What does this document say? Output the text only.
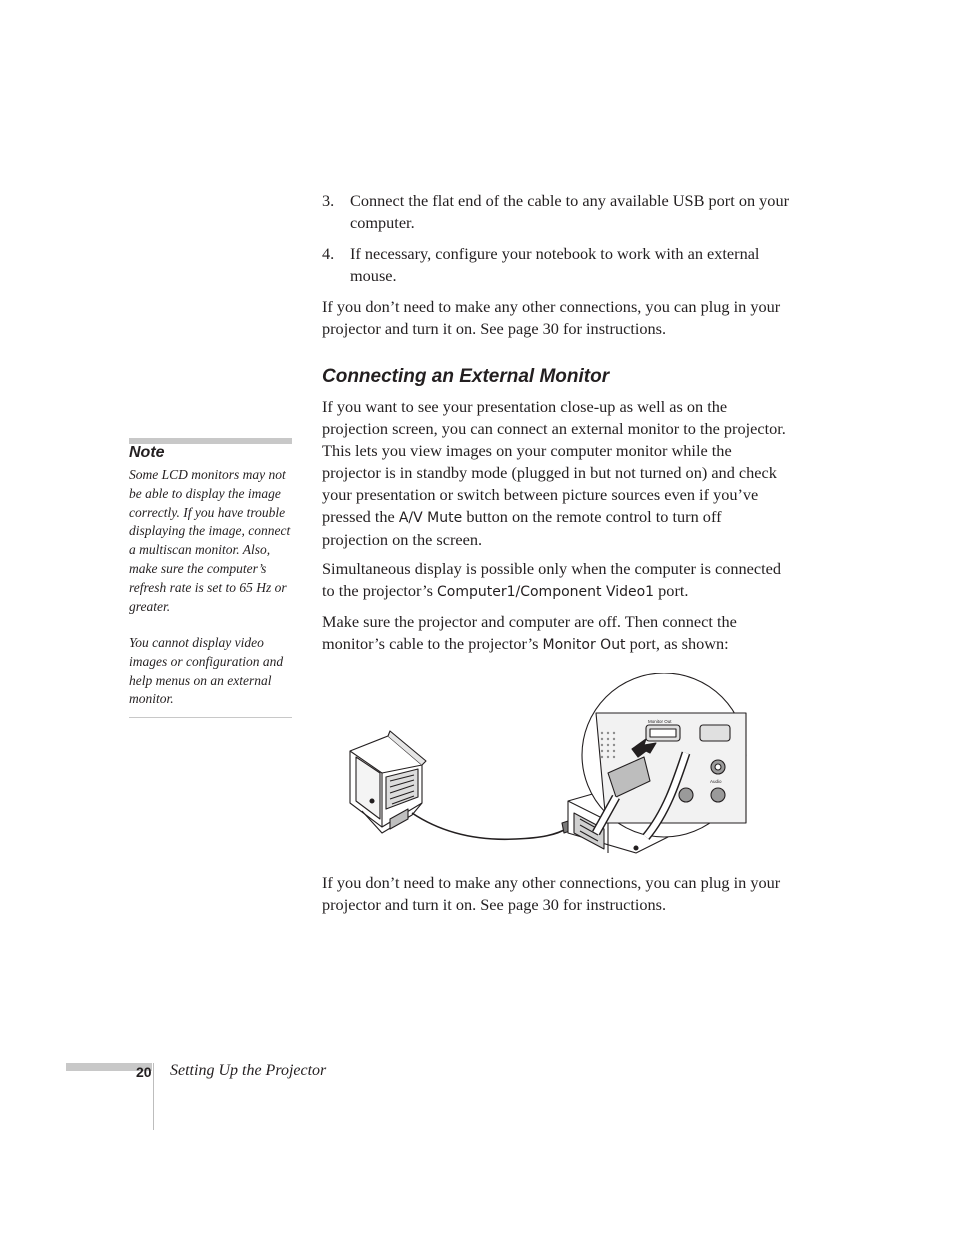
3. Connect the flat end of the cable to any available USB port on your computer.
4. If necessary, configure your notebook to work with an external mouse.

If you don’t need to make any other connections, you can plug in your projector and turn it on. See page 30 for instructions.

Connecting an External Monitor

If you want to see your presentation close-up as well as on the projection screen, you can connect an external monitor to the projector. This lets you view images on your computer monitor while the projector is in standby mode (plugged in but not turned on) and check your presentation or switch between picture sources even if you’ve pressed the A/V Mute button on the remote control to turn off projection on the screen.

Simultaneous display is possible only when the computer is connected to the projector’s Computer1/Component Video1 port.

Make sure the projector and computer are off. Then connect the monitor’s cable to the projector’s Monitor Out port, as shown:

Note

Some LCD monitors may not be able to display the image correctly. If you have trouble displaying the image, connect a multiscan monitor. Also, make sure the computer’s refresh rate is set to 65 Hz or greater.

You cannot display video images or configuration and help menus on an external monitor.

Monitor Out
Audio

If you don’t need to make any other connections, you can plug in your projector and turn it on. See page 30 for instructions.

20 Setting Up the Projector
